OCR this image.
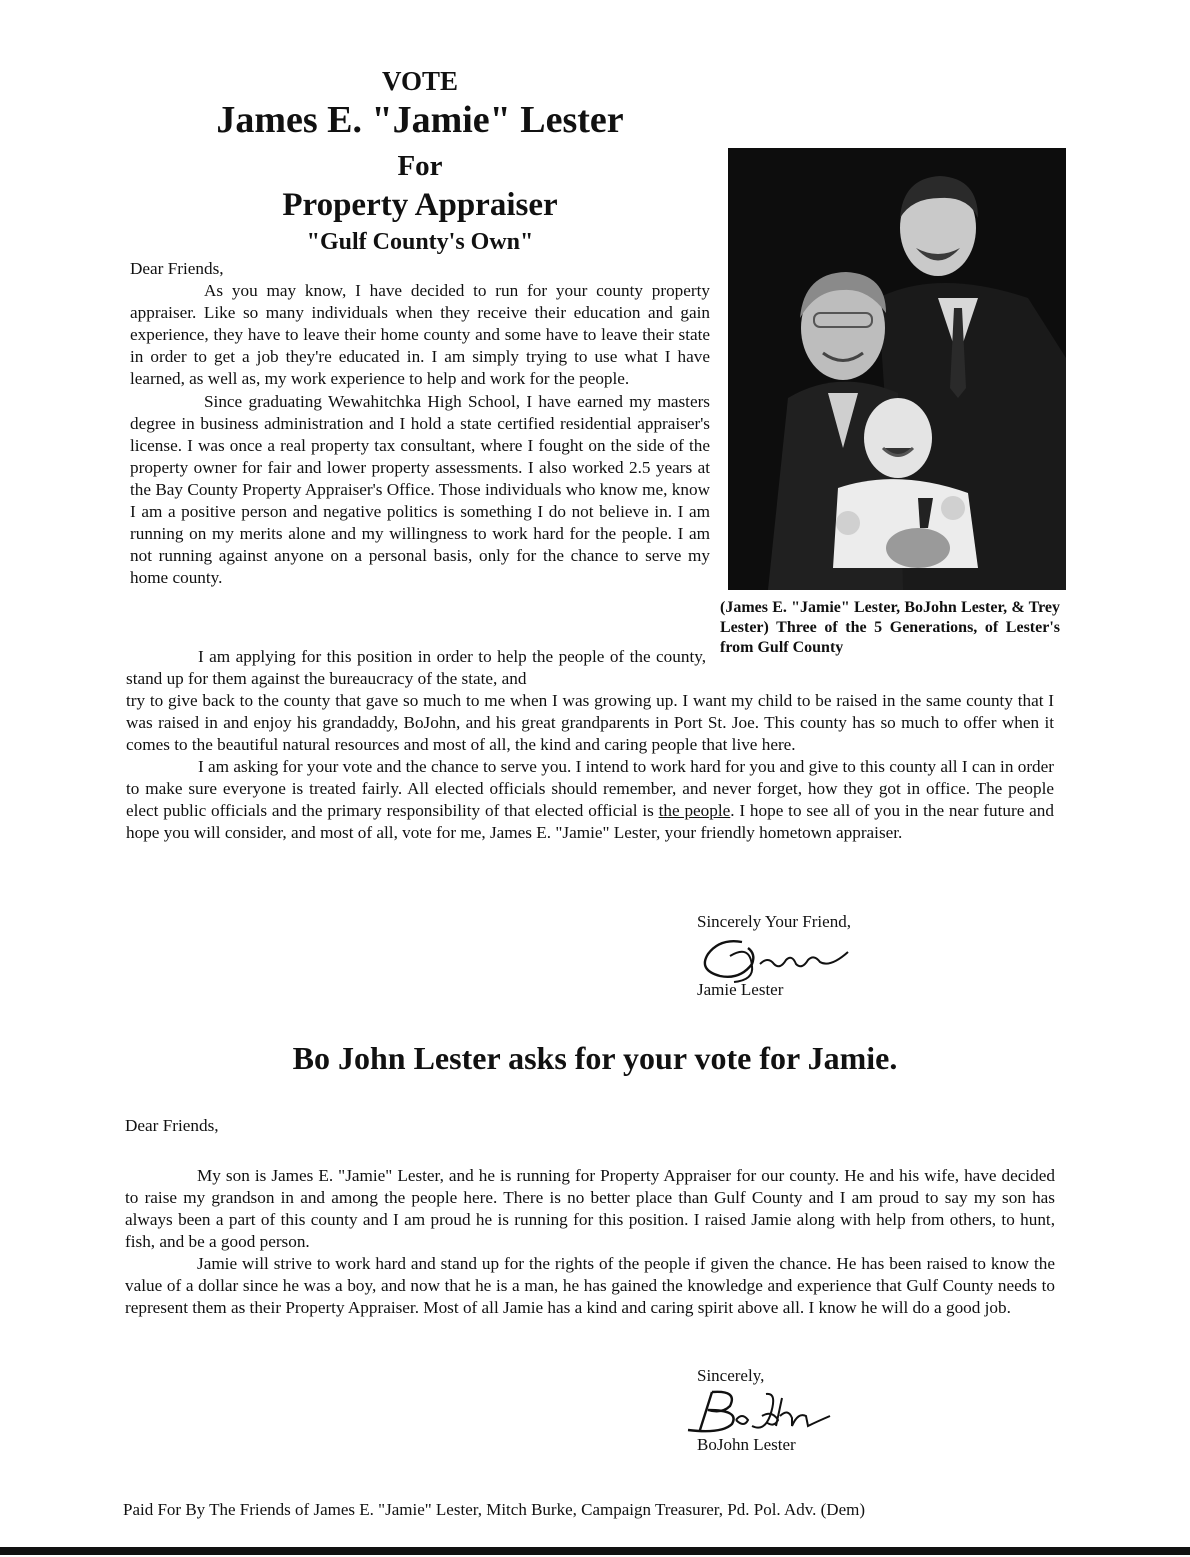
VOTE
James E. "Jamie" Lester
For
Property Appraiser
"Gulf County's Own"

Dear Friends,

As you may know, I have decided to run for your county property appraiser. Like so many individuals when they receive their education and gain experience, they have to leave their home county and some have to leave their state in order to get a job they're educated in. I am simply trying to use what I have learned, as well as, my work experience to help and work for the people.

Since graduating Wewahitchka High School, I have earned my masters degree in business administration and I hold a state certified residential appraiser's license. I was once a real property tax consultant, where I fought on the side of the property owner for fair and lower property assessments. I also worked 2.5 years at the Bay County Property Appraiser's Office. Those individuals who know me, know I am a positive person and negative politics is something I do not believe in. I am running on my merits alone and my willingness to work hard for the people. I am not running against anyone on a personal basis, only for the chance to serve my home county.

I am applying for this position in order to help the people of the county, stand up for them against the bureaucracy of the state, and

(James E. "Jamie" Lester, BoJohn Lester, & Trey Lester) Three of the 5 Generations, of Lester's from Gulf County

try to give back to the county that gave so much to me when I was growing up. I want my child to be raised in the same county that I was raised in and enjoy his grandaddy, BoJohn, and his great grandparents in Port St. Joe. This county has so much to offer when it comes to the beautiful natural resources and most of all, the kind and caring people that live here.

I am asking for your vote and the chance to serve you. I intend to work hard for you and give to this county all I can in order to make sure everyone is treated fairly. All elected officials should remember, and never forget, how they got in office. The people elect public officials and the primary responsibility of that elected official is the people. I hope to see all of you in the near future and hope you will consider, and most of all, vote for me, James E. "Jamie" Lester, your friendly hometown appraiser.

Sincerely Your Friend,
Jamie Lester
Bo John Lester asks for your vote for Jamie.

Dear Friends,

My son is James E. "Jamie" Lester, and he is running for Property Appraiser for our county. He and his wife, have decided to raise my grandson in and among the people here. There is no better place than Gulf County and I am proud to say my son has always been a part of this county and I am proud he is running for this position. I raised Jamie along with help from others, to hunt, fish, and be a good person.

Jamie will strive to work hard and stand up for the rights of the people if given the chance. He has been raised to know the value of a dollar since he was a boy, and now that he is a man, he has gained the knowledge and experience that Gulf County needs to represent them as their Property Appraiser. Most of all Jamie has a kind and caring spirit above all. I know he will do a good job.

Sincerely,
BoJohn Lester
Paid For By The Friends of James E. "Jamie" Lester, Mitch Burke, Campaign Treasurer, Pd. Pol. Adv. (Dem)
